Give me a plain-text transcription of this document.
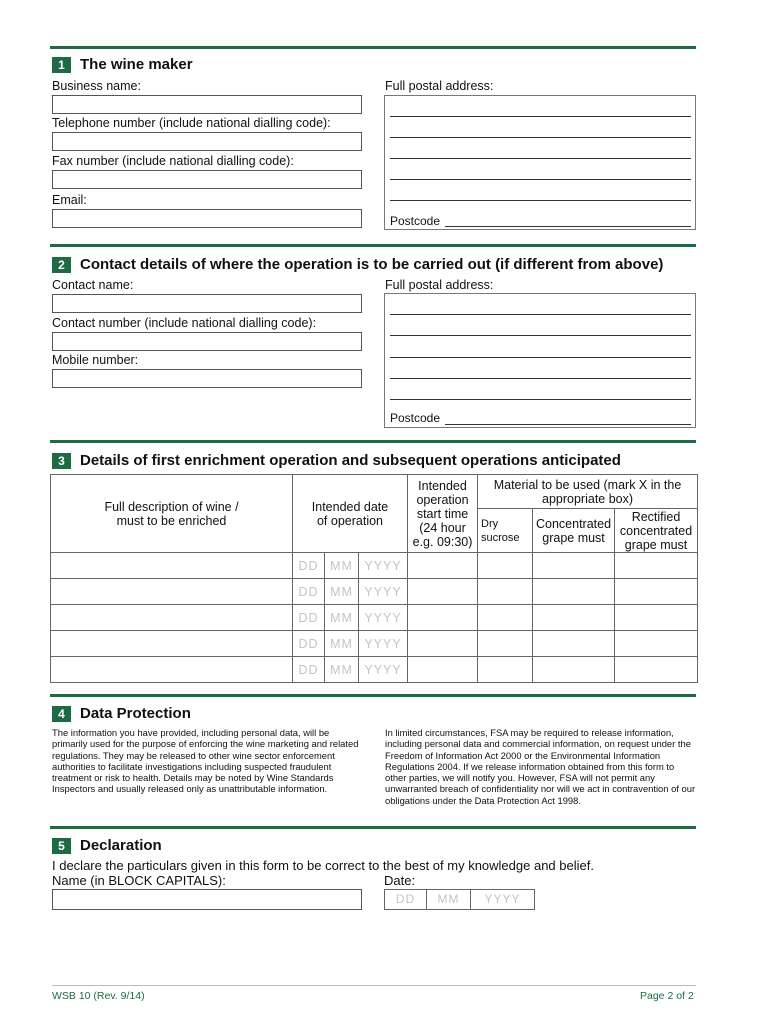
1	The wine maker
Business name:
Telephone number (include national dialling code):
Fax number (include national dialling code):
Email:
Full postal address:
Postcode
2	Contact details of where the operation is to be carried out (if different from above)
Contact name:
Contact number (include national dialling code):
Mobile number:
Full postal address:
Postcode
3	Details of first enrichment operation and subsequent operations anticipated
Full description of wine / must to be enriched	Intended date of operation			Intended operation start time (24 hour e.g. 09:30)	Material to be used (mark X in the appropriate box)		

					Dry sucrose	Concentrated grape must	Rectified concentrated grape must

	DD	MM	YYYY				
	DD	MM	YYYY				
	DD	MM	YYYY				
	DD	MM	YYYY				
	DD	MM	YYYY				
4	Data Protection
The information you have provided, including personal data, will be primarily used for the purpose of enforcing the wine marketing and related regulations. They may be released to other wine sector enforcement authorities to facilitate investigations including suspected fraudulent treatment or risk to health. Details may be noted by Wine Standards Inspectors and usually released only as unattributable information.
In limited circumstances, FSA may be required to release information, including personal data and commercial information, on request under the Freedom of Information Act 2000 or the Environmental Information Regulations 2004. If we release information obtained from this form to other parties, we will notify you. However, FSA will not permit any unwarranted breach of confidentiality nor will we act in contravention of our obligations under the Data Protection Act 1998.
5	Declaration
I declare the particulars given in this form to be correct to the best of my knowledge and belief.
Name (in BLOCK CAPITALS):	Date:
DD	MM	YYYY
WSB 10 (Rev. 9/14)	Page 2 of 2
